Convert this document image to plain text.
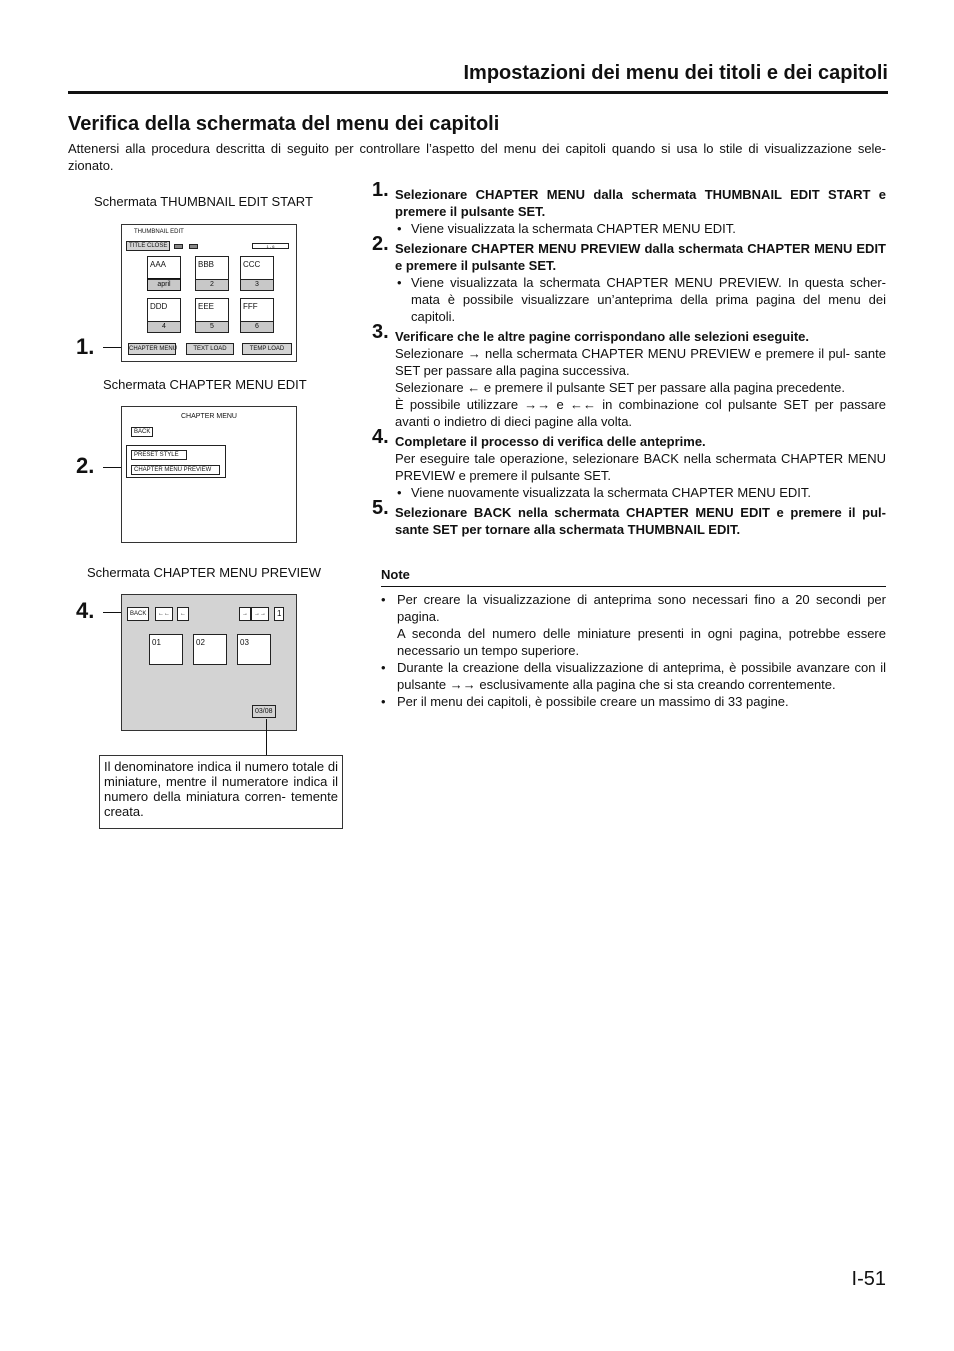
Impostazioni dei menu dei titoli e dei capitoli
Verifica della schermata del menu dei capitoli
Attenersi alla procedura descritta di seguito per controllare l’aspetto del menu dei capitoli quando si usa lo stile di visualizzazione sele- zionato.
Schermata THUMBNAIL EDIT START
1.
THUMBNAIL EDIT
TITLE CLOSE	1 - 6
AAA
april
BBB
2
CCC
3
DDD
4
EEE
5
FFF
6
CHAPTER MENU	TEXT LOAD	TEMP LOAD
Schermata CHAPTER MENU EDIT
2.
CHAPTER MENU
BACK
PRESET STYLE
CHAPTER MENU PREVIEW
Schermata CHAPTER MENU PREVIEW
4.	BACK	←←	←	→	→→	1
01	02	03
03/08
Il denominatore indica il numero totale di miniature, mentre il numeratore indica il numero della miniatura corren- temente creata.
1. Selezionare CHAPTER MENU dalla schermata THUMBNAIL EDIT START e premere il pulsante SET.
• Viene visualizzata la schermata CHAPTER MENU EDIT.
2. Selezionare CHAPTER MENU PREVIEW dalla schermata CHAPTER MENU EDIT e premere il pulsante SET.
• Viene visualizzata la schermata CHAPTER MENU PREVIEW. In questa scher- mata è possibile visualizzare un’anteprima della prima pagina del menu dei capitoli.
3. Verificare che le altre pagine corrispondano alle selezioni eseguite.
Selezionare → nella schermata CHAPTER MENU PREVIEW e premere il pul- sante SET per passare alla pagina successiva.
Selezionare ← e premere il pulsante SET per passare alla pagina precedente.
È possibile utilizzare →→ e ←← in combinazione col pulsante SET per passare avanti o indietro di dieci pagine alla volta.
4. Completare il processo di verifica delle anteprime.
Per eseguire tale operazione, selezionare BACK nella schermata CHAPTER MENU PREVIEW e premere il pulsante SET.
• Viene nuovamente visualizzata la schermata CHAPTER MENU EDIT.
5. Selezionare BACK nella schermata CHAPTER MENU EDIT e premere il pul- sante SET per tornare alla schermata THUMBNAIL EDIT.
Note
• Per creare la visualizzazione di anteprima sono necessari fino a 20 secondi per pagina.
A seconda del numero delle miniature presenti in ogni pagina, potrebbe essere necessario un tempo superiore.
• Durante la creazione della visualizzazione di anteprima, è possibile avanzare con il pulsante →→ esclusivamente alla pagina che si sta creando correntemente.
• Per il menu dei capitoli, è possibile creare un massimo di 33 pagine.
I-51
